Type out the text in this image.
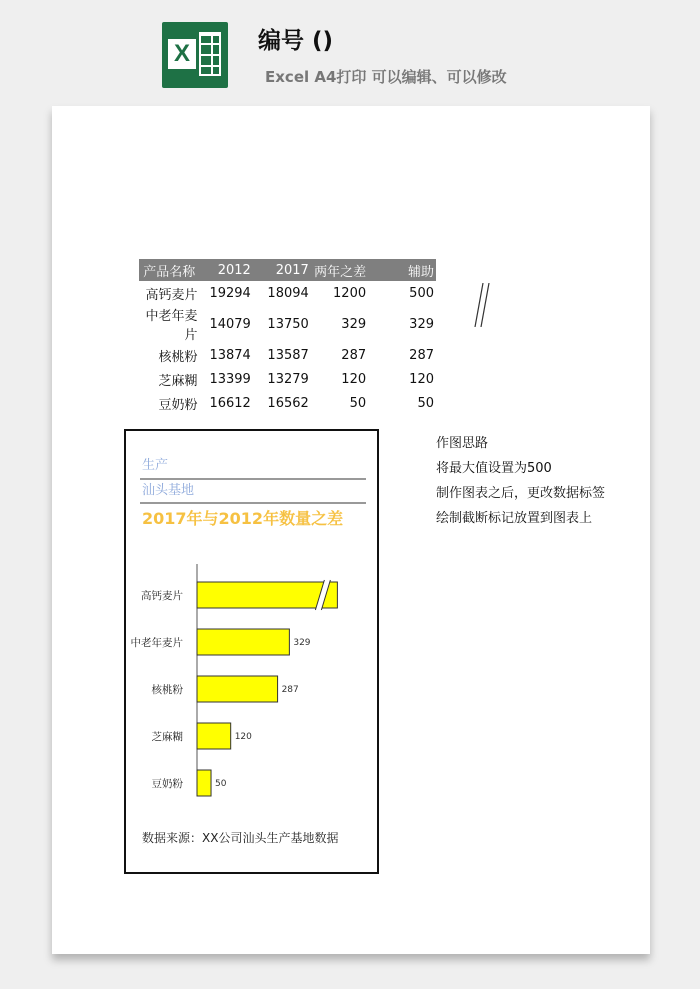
X	编号 ()
Excel A4打印 可以编辑、可以修改
产品名称	2012	2017	两年之差	辅助
高钙麦片	19294	18094	1200	500
中老年麦片	14079	13750	329	329
核桃粉	13874	13587	287	287
芝麻糊	13399	13279	120	120
豆奶粉	16612	16562	50	50
生产
汕头基地
2017年与2012年数量之差
高钙麦片
中老年麦片	329
核桃粉	287
芝麻糊	120
豆奶粉	50
数据来源：XX公司汕头生产基地数据
作图思路
将最大值设置为500
制作图表之后，更改数据标签
绘制截断标记放置到图表上
